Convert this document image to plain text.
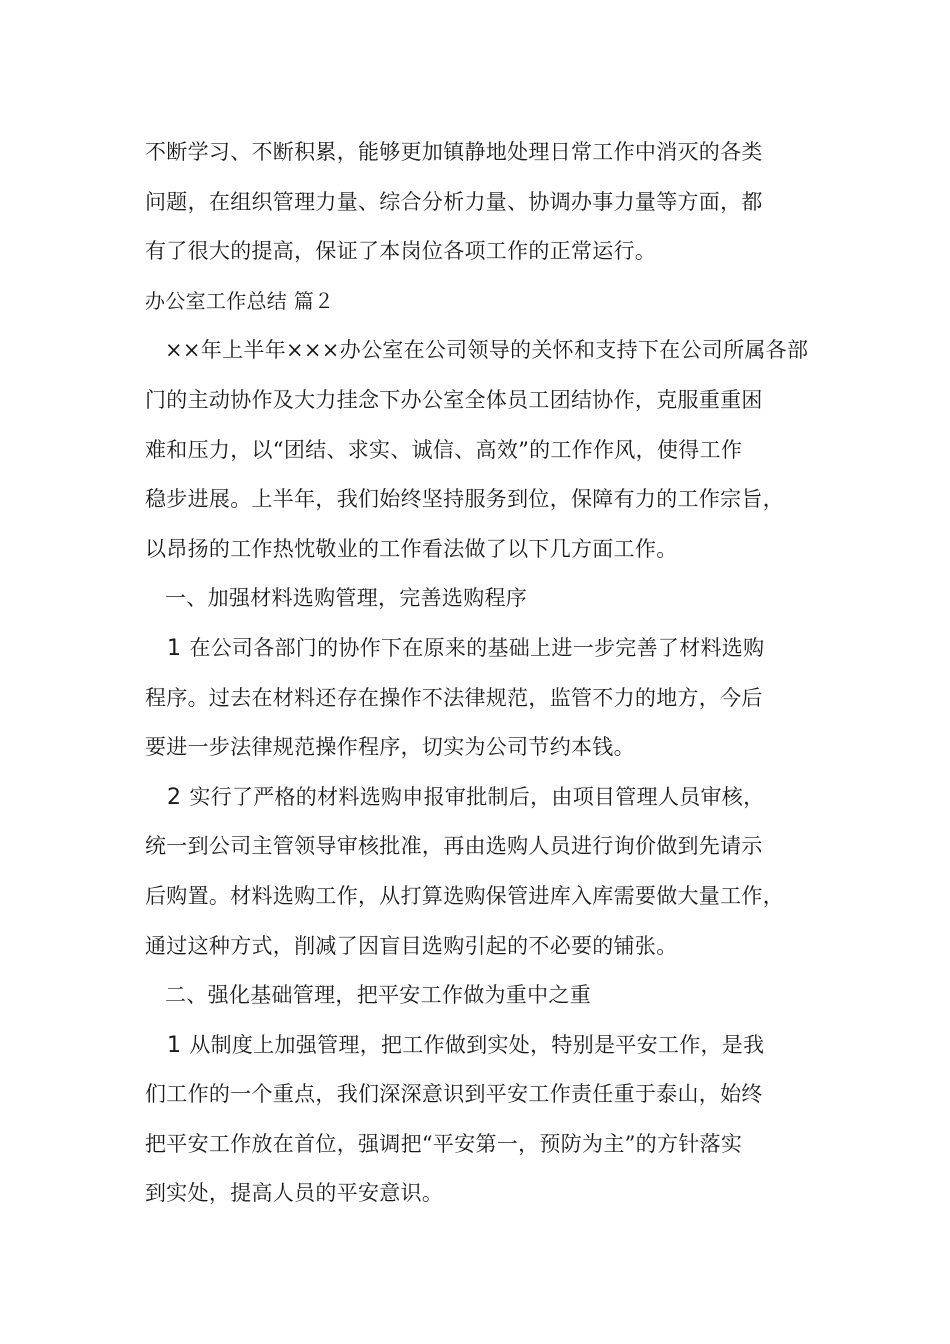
不断学习、不断积累，能够更加镇静地处理日常工作中消灭的各类
问题，在组织管理力量、综合分析力量、协调办事力量等方面，都
有了很大的提高，保证了本岗位各项工作的正常运行。
办公室工作总结 篇２
××年上半年×××办公室在公司领导的关怀和支持下在公司所属各部
门的主动协作及大力挂念下办公室全体员工团结协作，克服重重困
难和压力，以“团结、求实、诚信、高效”的工作作风，使得工作
稳步进展。上半年，我们始终坚持服务到位，保障有力的工作宗旨，
以昂扬的工作热忱敬业的工作看法做了以下几方面工作。
一、加强材料选购管理，完善选购程序
1 在公司各部门的协作下在原来的基础上进一步完善了材料选购
程序。过去在材料还存在操作不法律规范，监管不力的地方，今后
要进一步法律规范操作程序，切实为公司节约本钱。
2 实行了严格的材料选购申报审批制后，由项目管理人员审核，
统一到公司主管领导审核批准，再由选购人员进行询价做到先请示
后购置。材料选购工作，从打算选购保管进库入库需要做大量工作，
通过这种方式，削减了因盲目选购引起的不必要的铺张。
二、强化基础管理，把平安工作做为重中之重
1 从制度上加强管理，把工作做到实处，特别是平安工作，是我
们工作的一个重点，我们深深意识到平安工作责任重于泰山，始终
把平安工作放在首位，强调把“平安第一，预防为主”的方针落实
到实处，提高人员的平安意识。
